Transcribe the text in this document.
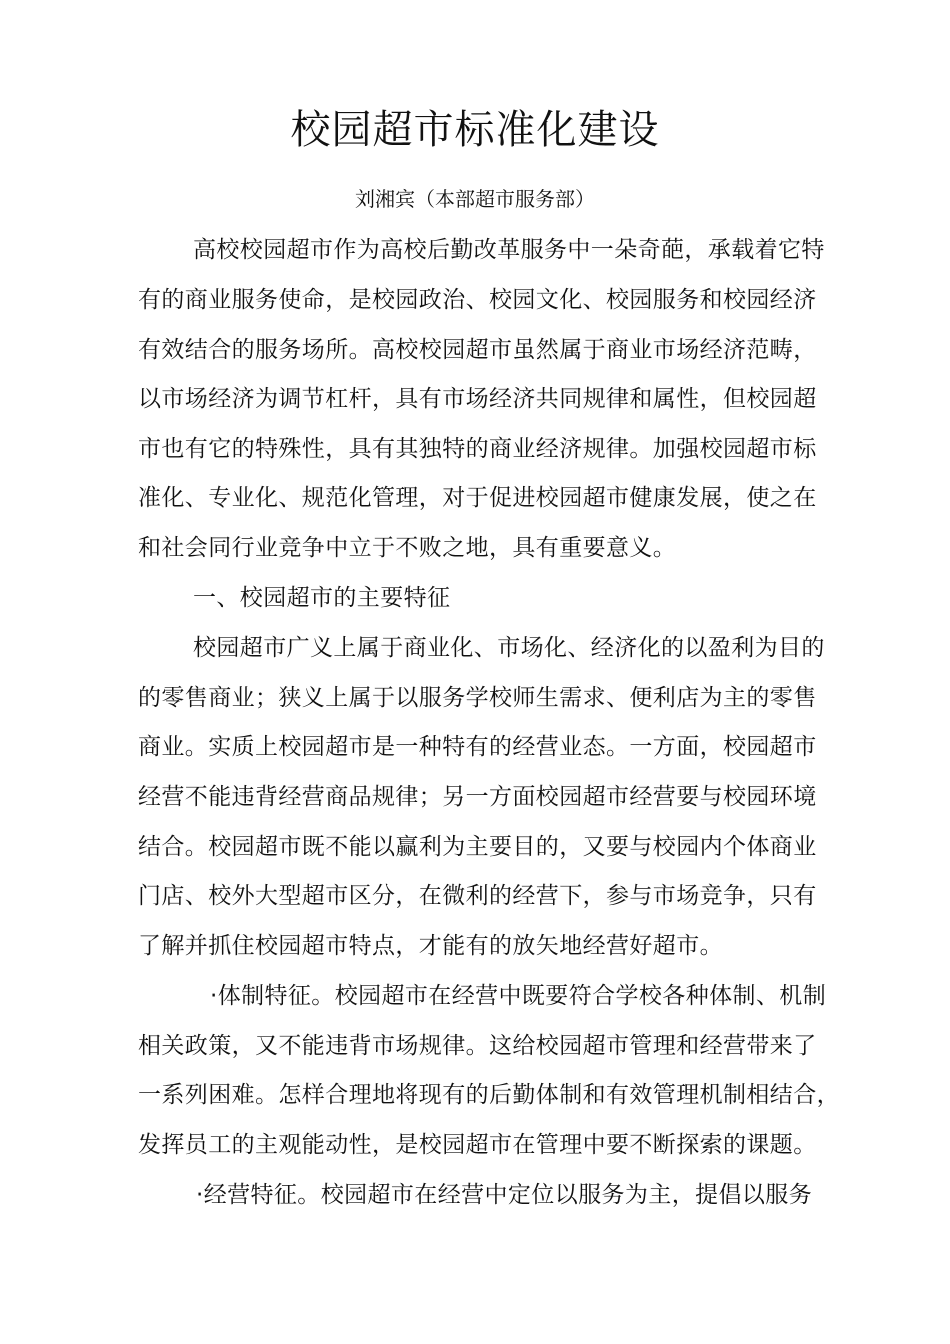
校园超市标准化建设
刘湘宾（本部超市服务部）
高校校园超市作为高校后勤改革服务中一朵奇葩，承载着它特
有的商业服务使命，是校园政治、校园文化、校园服务和校园经济
有效结合的服务场所。高校校园超市虽然属于商业市场经济范畴，
以市场经济为调节杠杆，具有市场经济共同规律和属性，但校园超
市也有它的特殊性，具有其独特的商业经济规律。加强校园超市标
准化、专业化、规范化管理，对于促进校园超市健康发展，使之在
和社会同行业竞争中立于不败之地，具有重要意义。
一、校园超市的主要特征
校园超市广义上属于商业化、市场化、经济化的以盈利为目的
的零售商业；狭义上属于以服务学校师生需求、便利店为主的零售
商业。实质上校园超市是一种特有的经营业态。一方面，校园超市
经营不能违背经营商品规律；另一方面校园超市经营要与校园环境
结合。校园超市既不能以赢利为主要目的，又要与校园内个体商业
门店、校外大型超市区分，在微利的经营下，参与市场竞争，只有
了解并抓住校园超市特点，才能有的放矢地经营好超市。
·体制特征。校园超市在经营中既要符合学校各种体制、机制
相关政策，又不能违背市场规律。这给校园超市管理和经营带来了
一系列困难。怎样合理地将现有的后勤体制和有效管理机制相结合，
发挥员工的主观能动性，是校园超市在管理中要不断探索的课题。
·经营特征。校园超市在经营中定位以服务为主，提倡以服务
